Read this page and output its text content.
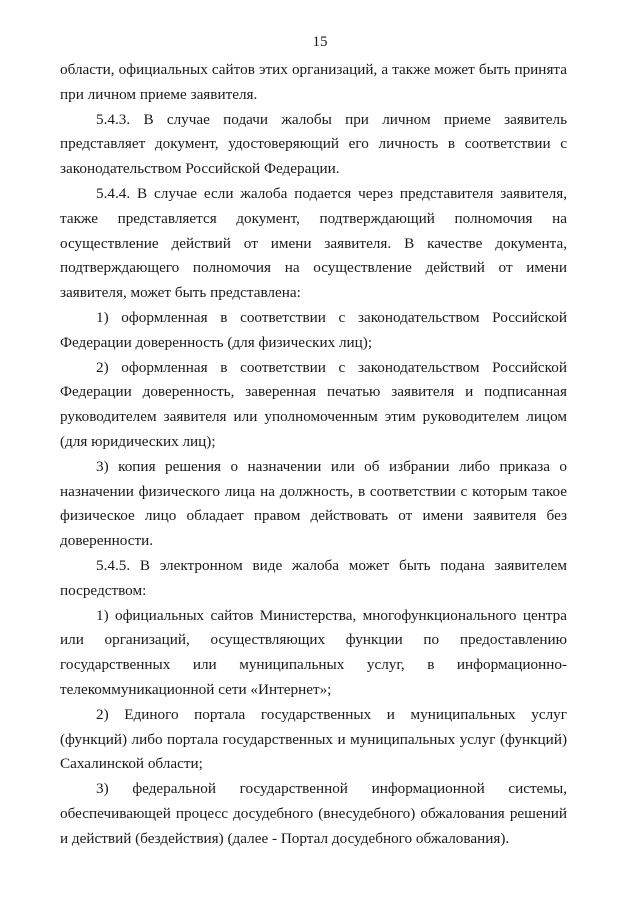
15

области, официальных сайтов этих организаций, а также может быть принята при личном приеме заявителя.

5.4.3. В случае подачи жалобы при личном приеме заявитель представляет документ, удостоверяющий его личность в соответствии с законодательством Российской Федерации.

5.4.4. В случае если жалоба подается через представителя заявителя, также представляется документ, подтверждающий полномочия на осуществление действий от имени заявителя. В качестве документа, подтверждающего полномочия на осуществление действий от имени заявителя, может быть представлена:

1) оформленная в соответствии с законодательством Российской Федерации доверенность (для физических лиц);

2) оформленная в соответствии с законодательством Российской Федерации доверенность, заверенная печатью заявителя и подписанная руководителем заявителя или уполномоченным этим руководителем лицом (для юридических лиц);

3) копия решения о назначении или об избрании либо приказа о назначении физического лица на должность, в соответствии с которым такое физическое лицо обладает правом действовать от имени заявителя без доверенности.

5.4.5. В электронном виде жалоба может быть подана заявителем посредством:

1) официальных сайтов Министерства, многофункционального центра или организаций, осуществляющих функции по предоставлению государственных или муниципальных услуг, в информационно-телекоммуникационной сети «Интернет»;

2) Единого портала государственных и муниципальных услуг (функций) либо портала государственных и муниципальных услуг (функций) Сахалинской области;

3) федеральной государственной информационной системы, обеспечивающей процесс досудебного (внесудебного) обжалования решений и действий (бездействия) (далее - Портал досудебного обжалования).
